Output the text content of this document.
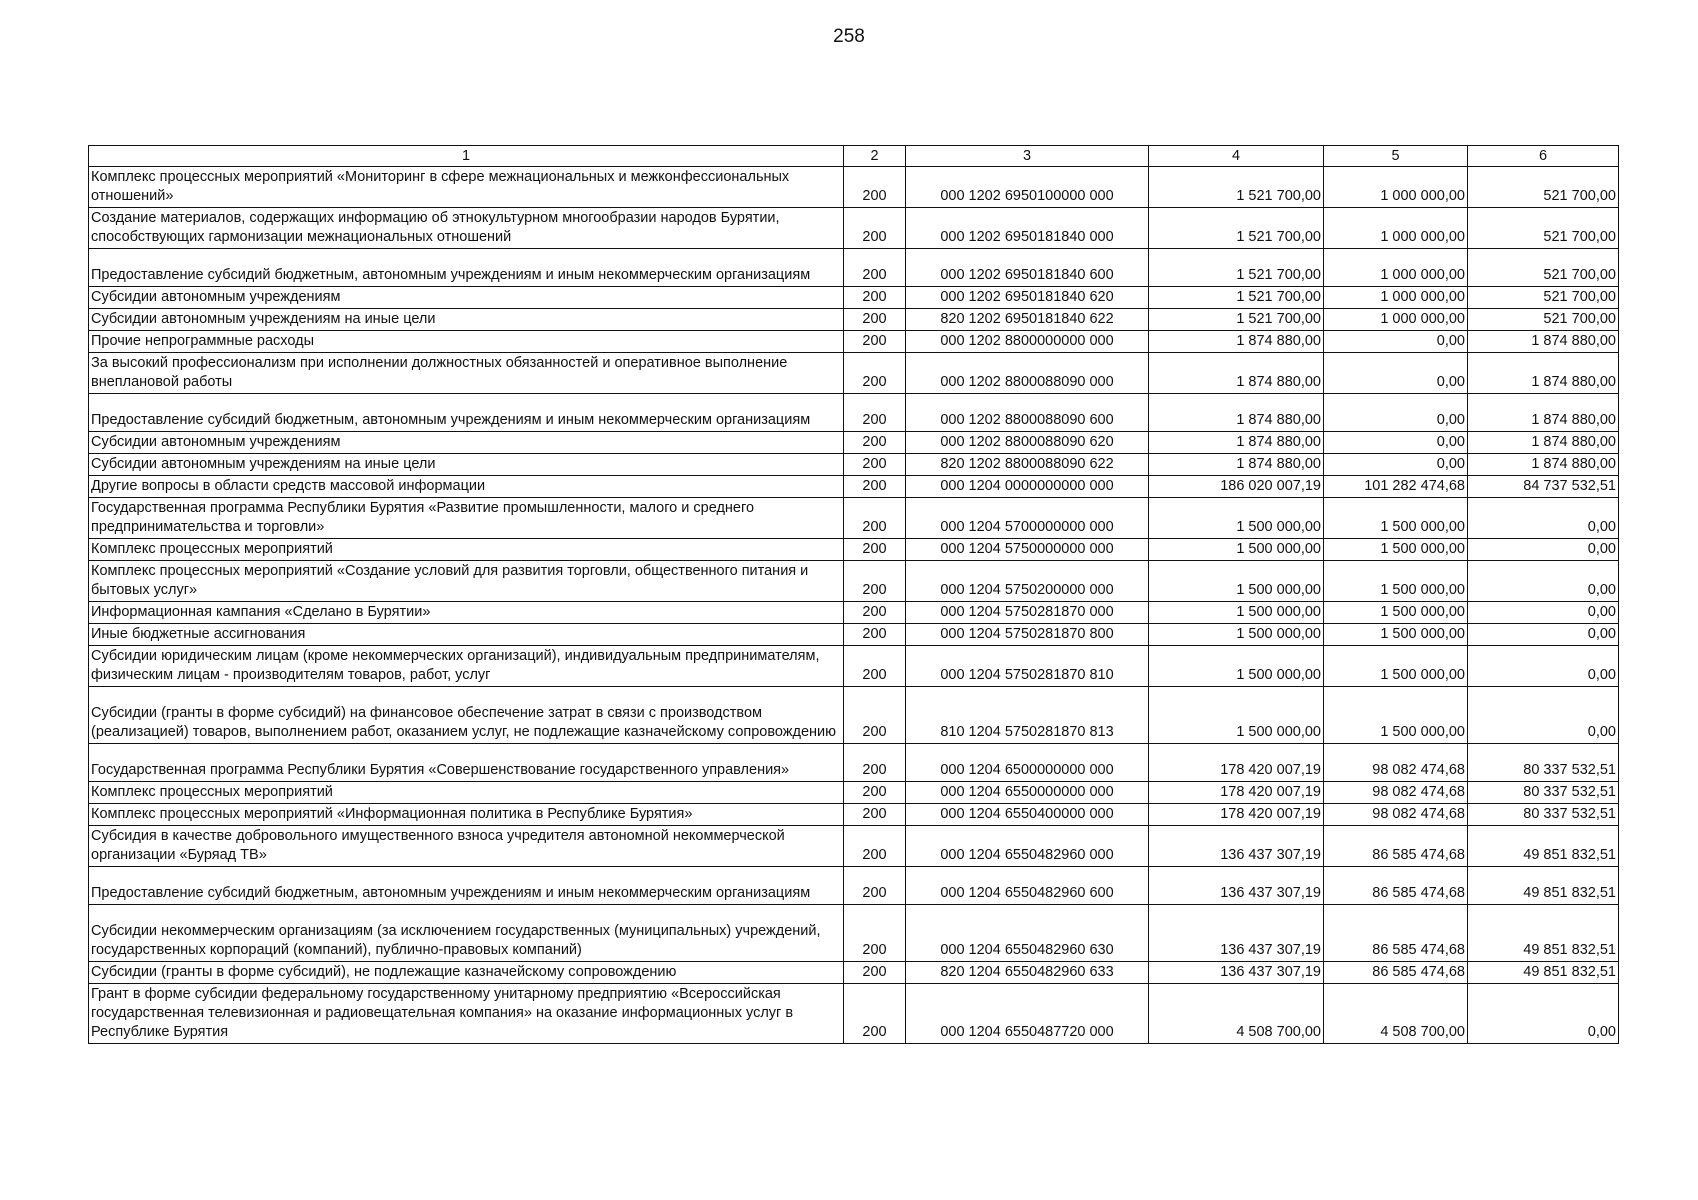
258
1	2	3	4	5	6
Комплекс процессных мероприятий «Мониторинг в сфере межнациональных и межконфессиональных отношений»	200	000 1202 6950100000 000	1 521 700,00	1 000 000,00	521 700,00
Создание материалов, содержащих информацию об этнокультурном многообразии народов Бурятии, способствующих гармонизации межнациональных отношений	200	000 1202 6950181840 000	1 521 700,00	1 000 000,00	521 700,00
Предоставление субсидий бюджетным, автономным учреждениям и иным некоммерческим организациям	200	000 1202 6950181840 600	1 521 700,00	1 000 000,00	521 700,00
Субсидии автономным учреждениям	200	000 1202 6950181840 620	1 521 700,00	1 000 000,00	521 700,00
Субсидии автономным учреждениям на иные цели	200	820 1202 6950181840 622	1 521 700,00	1 000 000,00	521 700,00
Прочие непрограммные расходы	200	000 1202 8800000000 000	1 874 880,00	0,00	1 874 880,00
За высокий профессионализм при исполнении должностных обязанностей и оперативное выполнение внеплановой работы	200	000 1202 8800088090 000	1 874 880,00	0,00	1 874 880,00
Предоставление субсидий бюджетным, автономным учреждениям и иным некоммерческим организациям	200	000 1202 8800088090 600	1 874 880,00	0,00	1 874 880,00
Субсидии автономным учреждениям	200	000 1202 8800088090 620	1 874 880,00	0,00	1 874 880,00
Субсидии автономным учреждениям на иные цели	200	820 1202 8800088090 622	1 874 880,00	0,00	1 874 880,00
Другие вопросы в области средств массовой информации	200	000 1204 0000000000 000	186 020 007,19	101 282 474,68	84 737 532,51
Государственная программа Республики Бурятия «Развитие промышленности, малого и среднего предпринимательства и торговли»	200	000 1204 5700000000 000	1 500 000,00	1 500 000,00	0,00
Комплекс процессных мероприятий	200	000 1204 5750000000 000	1 500 000,00	1 500 000,00	0,00
Комплекс процессных мероприятий «Создание условий для развития торговли, общественного питания и бытовых услуг»	200	000 1204 5750200000 000	1 500 000,00	1 500 000,00	0,00
Информационная кампания «Сделано в Бурятии»	200	000 1204 5750281870 000	1 500 000,00	1 500 000,00	0,00
Иные бюджетные ассигнования	200	000 1204 5750281870 800	1 500 000,00	1 500 000,00	0,00
Субсидии юридическим лицам (кроме некоммерческих организаций), индивидуальным предпринимателям, физическим лицам - производителям товаров, работ, услуг	200	000 1204 5750281870 810	1 500 000,00	1 500 000,00	0,00
Субсидии (гранты в форме субсидий) на финансовое обеспечение затрат в связи с производством (реализацией) товаров, выполнением работ, оказанием услуг, не подлежащие казначейскому сопровождению	200	810 1204 5750281870 813	1 500 000,00	1 500 000,00	0,00
Государственная программа Республики Бурятия «Совершенствование государственного управления»	200	000 1204 6500000000 000	178 420 007,19	98 082 474,68	80 337 532,51
Комплекс процессных мероприятий	200	000 1204 6550000000 000	178 420 007,19	98 082 474,68	80 337 532,51
Комплекс процессных мероприятий «Информационная политика в Республике Бурятия»	200	000 1204 6550400000 000	178 420 007,19	98 082 474,68	80 337 532,51
Субсидия в качестве добровольного имущественного взноса учредителя автономной некоммерческой организации «Буряад ТВ»	200	000 1204 6550482960 000	136 437 307,19	86 585 474,68	49 851 832,51
Предоставление субсидий бюджетным, автономным учреждениям и иным некоммерческим организациям	200	000 1204 6550482960 600	136 437 307,19	86 585 474,68	49 851 832,51
Субсидии некоммерческим организациям (за исключением государственных (муниципальных) учреждений, государственных корпораций (компаний), публично-правовых компаний)	200	000 1204 6550482960 630	136 437 307,19	86 585 474,68	49 851 832,51
Субсидии (гранты в форме субсидий), не подлежащие казначейскому сопровождению	200	820 1204 6550482960 633	136 437 307,19	86 585 474,68	49 851 832,51
Грант в форме субсидии федеральному государственному унитарному предприятию «Всероссийская государственная телевизионная и радиовещательная компания» на оказание информационных услуг в Республике Бурятия	200	000 1204 6550487720 000	4 508 700,00	4 508 700,00	0,00
